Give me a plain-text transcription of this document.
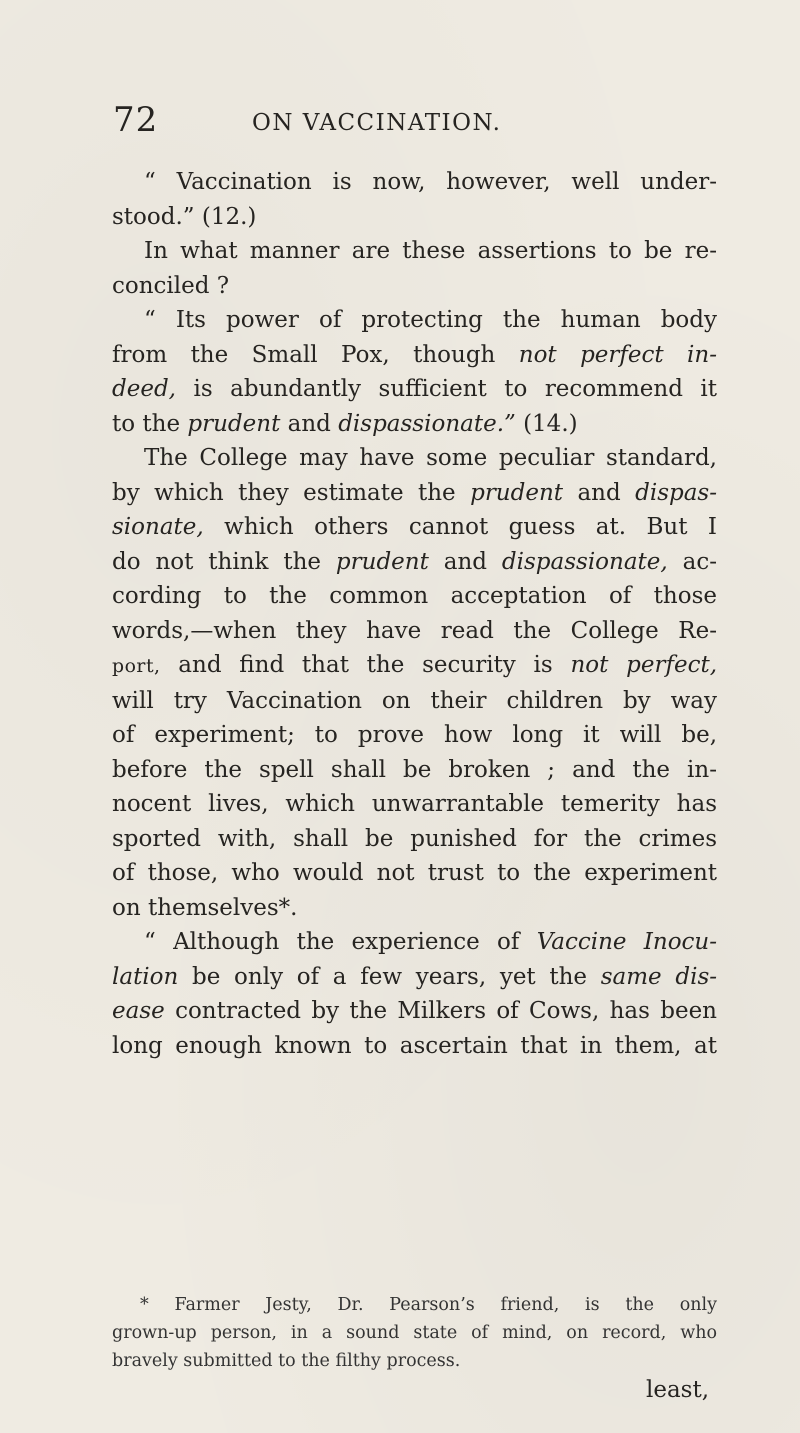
72	ON VACCINATION.
“ Vaccination is now, however, well under-
stood.” (12.)
In what manner are these assertions to be re-
conciled ?
“ Its power of protecting the human body
from the Small Pox, though not perfect in-
deed, is abundantly sufficient to recommend it
to the prudent and dispassionate.” (14.)
The College may have some peculiar standard,
by which they estimate the prudent and dispas-
sionate, which others cannot guess at. But I
do not think the prudent and dispassionate, ac-
cording to the common acceptation of those
words,—when they have read the College Re-
port, and find that the security is not perfect,
will try Vaccination on their children by way
of experiment; to prove how long it will be,
before the spell shall be broken ; and the in-
nocent lives, which unwarrantable temerity has
sported with, shall be punished for the crimes
of those, who would not trust to the experiment
on themselves*.
“ Although the experience of Vaccine Inocu-
lation be only of a few years, yet the same dis-
ease contracted by the Milkers of Cows, has been
long enough known to ascertain that in them, at
* Farmer Jesty, Dr. Pearson’s friend, is the only
grown-up person, in a sound state of mind, on record, who
bravely submitted to the filthy process.
least,
